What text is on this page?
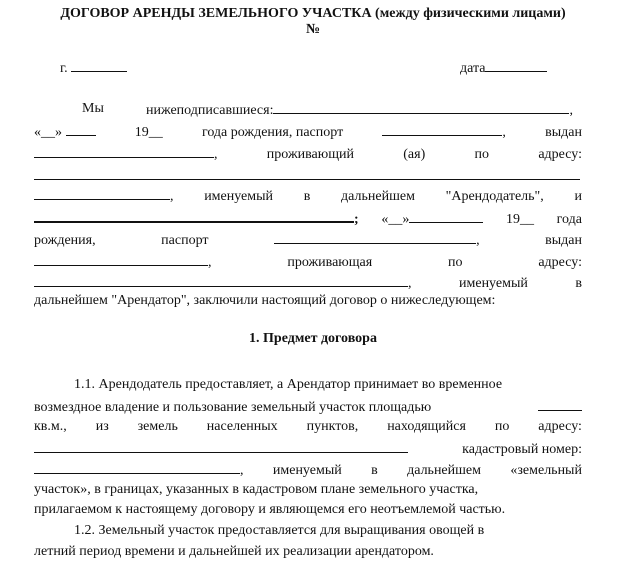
ДОГОВОР АРЕНДЫ ЗЕМЕЛЬНОГО УЧАСТКА (между физическими лицами)
№
г.	дата
Мы	нижеподписавшиеся:	,
«__»	19__	года рождения, паспорт	,	выдан
,	проживающий	(ая)	по	адресу:
, именуемый в дальнейшем "Арендодатель", и
; «__»	19__ года
рождения,	паспорт	,	выдан
,	проживающая	по	адресу:
,	именуемый	в
дальнейшем "Арендатор", заключили настоящий договор о нижеследующем:
1. Предмет договора
1.1. Арендодатель предоставляет, а Арендатор принимает во временное
возмездное владение и пользование земельный участок площадью
кв.м., из земель населенных пунктов, находящийся по адресу:
кадастровый номер:
, именуемый в дальнейшем «земельный
участок», в границах, указанных в кадастровом плане земельного участка,
прилагаемом к настоящему договору и являющемся его неотъемлемой частью.
1.2. Земельный участок предоставляется для выращивания овощей в
летний период времени и дальнейшей их реализации арендатором.
